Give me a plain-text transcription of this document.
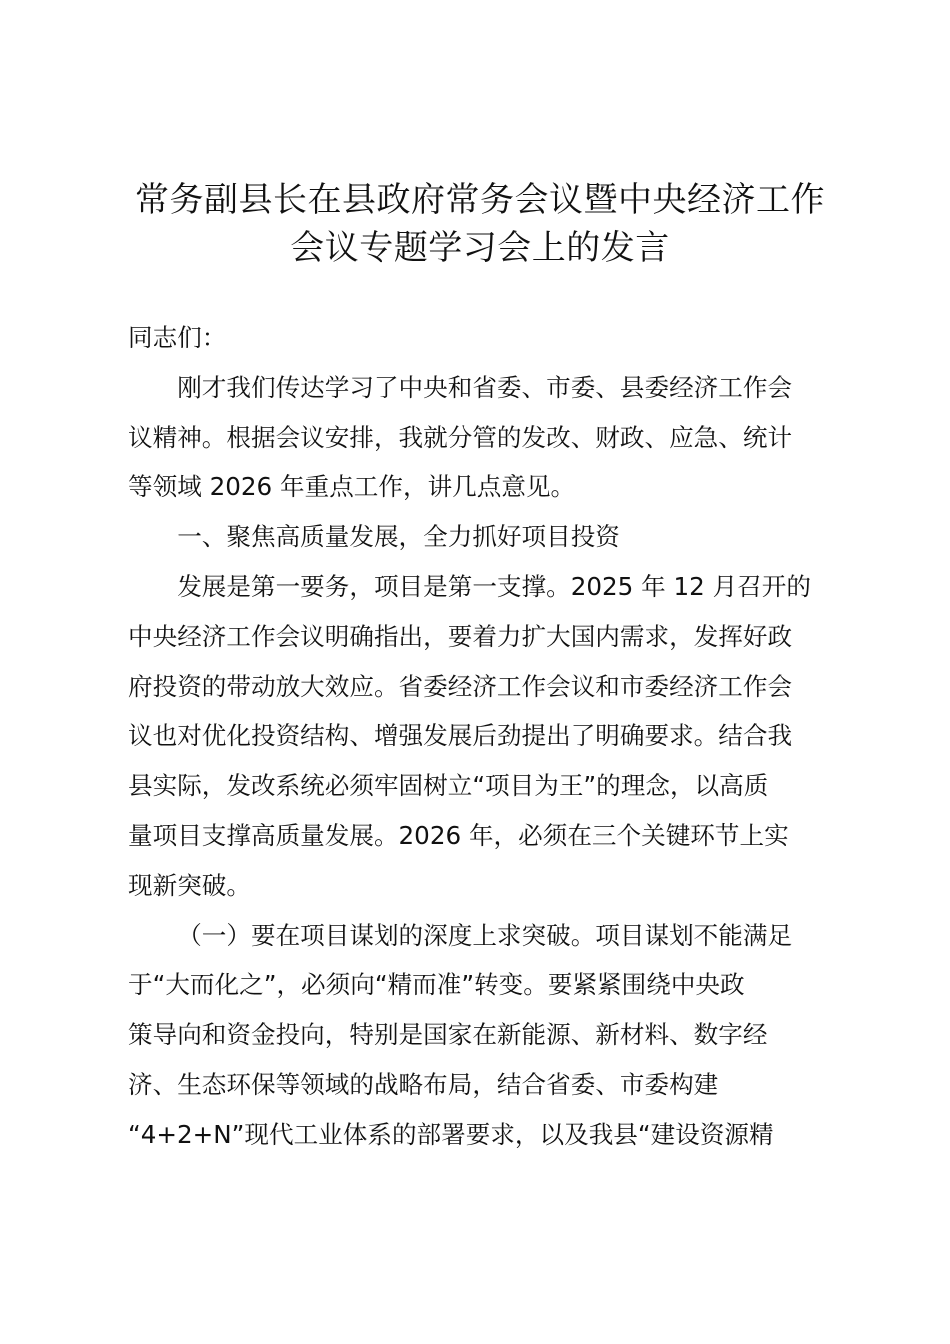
常务副县长在县政府常务会议暨中央经济工作
会议专题学习会上的发言

同志们：

刚才我们传达学习了中央和省委、市委、县委经济工作会

议精神。根据会议安排，我就分管的发改、财政、应急、统计

等领域 2026 年重点工作，讲几点意见。

一、聚焦高质量发展，全力抓好项目投资

发展是第一要务，项目是第一支撑。2025 年 12 月召开的

中央经济工作会议明确指出，要着力扩大国内需求，发挥好政

府投资的带动放大效应。省委经济工作会议和市委经济工作会

议也对优化投资结构、增强发展后劲提出了明确要求。结合我

县实际，发改系统必须牢固树立“项目为王”的理念，以高质

量项目支撑高质量发展。2026 年，必须在三个关键环节上实

现新突破。

（一）要在项目谋划的深度上求突破。项目谋划不能满足

于“大而化之”，必须向“精而准”转变。要紧紧围绕中央政

策导向和资金投向，特别是国家在新能源、新材料、数字经

济、生态环保等领域的战略布局，结合省委、市委构建

“4+2+N”现代工业体系的部署要求，以及我县“建设资源精
